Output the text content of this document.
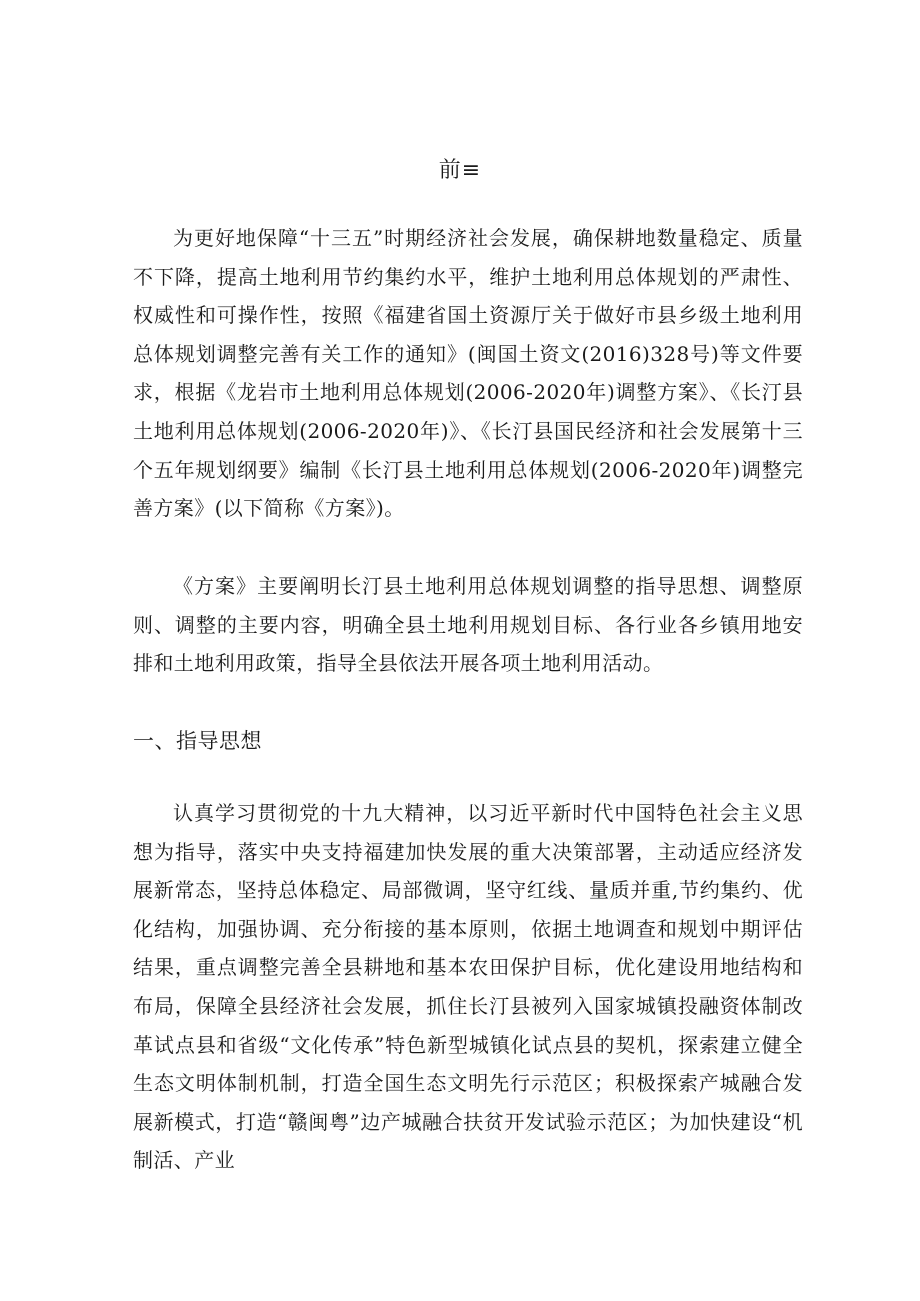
前≡

为更好地保障“十三五”时期经济社会发展，确保耕地数量稳定、质量不下降，提高土地利用节约集约水平，维护土地利用总体规划的严肃性、权威性和可操作性，按照《福建省国土资源厅关于做好市县乡级土地利用总体规划调整完善有关工作的通知》(闽国土资文(2016)328号)等文件要求，根据《龙岩市土地利用总体规划(2006-2020年)调整方案》、《长汀县土地利用总体规划(2006-2020年)》、《长汀县国民经济和社会发展第十三个五年规划纲要》编制《长汀县土地利用总体规划(2006-2020年)调整完善方案》(以下简称《方案》)。

《方案》主要阐明长汀县土地利用总体规划调整的指导思想、调整原则、调整的主要内容，明确全县土地利用规划目标、各行业各乡镇用地安排和土地利用政策，指导全县依法开展各项土地利用活动。

一、指导思想

认真学习贯彻党的十九大精神，以习近平新时代中国特色社会主义思想为指导，落实中央支持福建加快发展的重大决策部署，主动适应经济发展新常态，坚持总体稳定、局部微调，坚守红线、量质并重,节约集约、优化结构，加强协调、充分衔接的基本原则，依据土地调查和规划中期评估结果，重点调整完善全县耕地和基本农田保护目标，优化建设用地结构和布局，保障全县经济社会发展，抓住长汀县被列入国家城镇投融资体制改革试点县和省级“文化传承”特色新型城镇化试点县的契机，探索建立健全生态文明体制机制，打造全国生态文明先行示范区；积极探索产城融合发展新模式，打造“赣闽粤”边产城融合扶贫开发试验示范区；为加快建设“机制活、产业
